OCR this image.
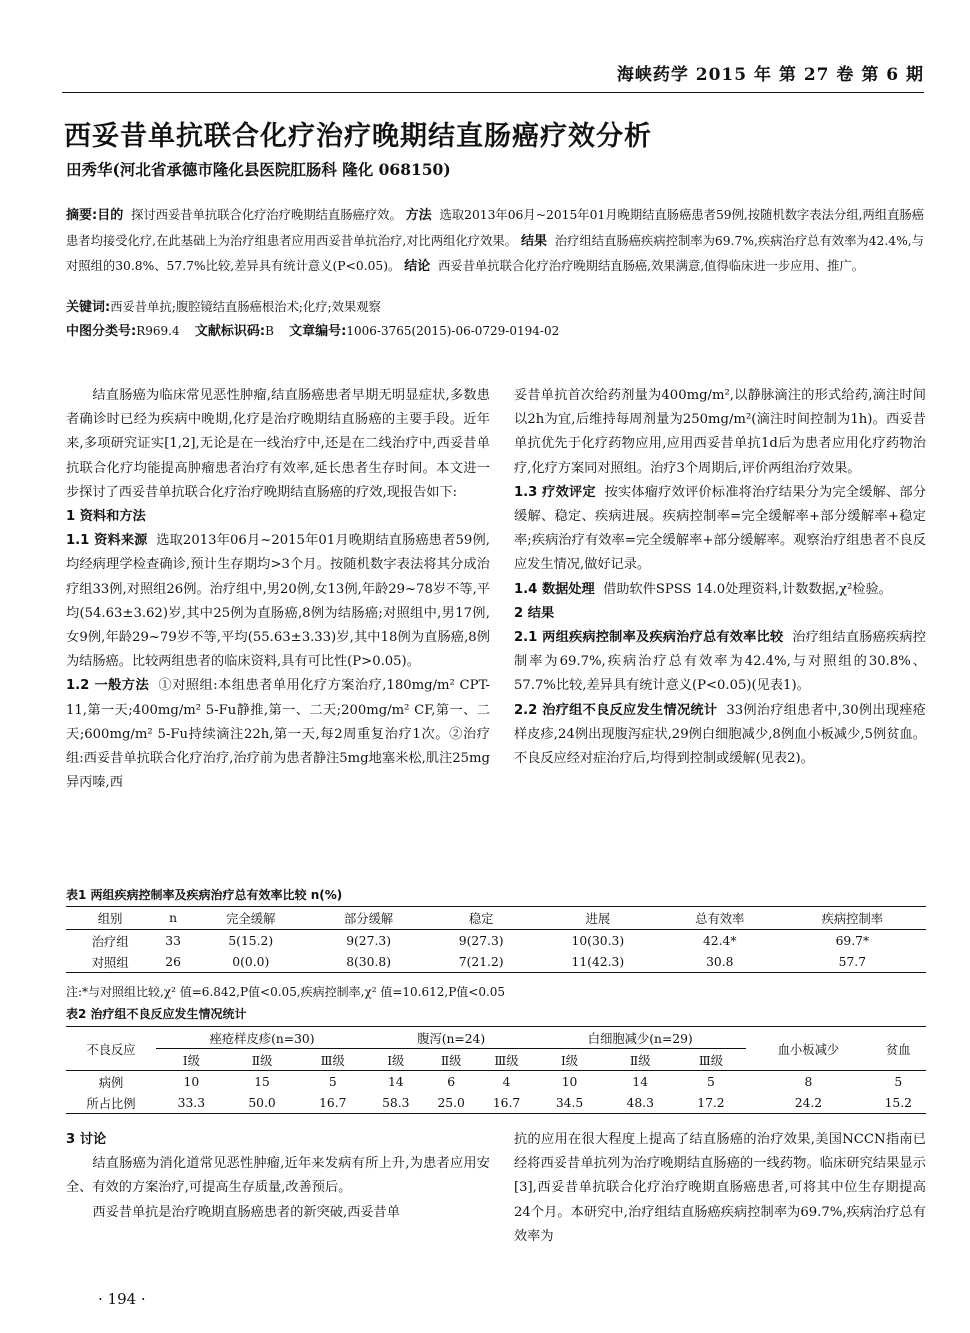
海峡药学 2015 年 第 27 卷 第 6 期
西妥昔单抗联合化疗治疗晚期结直肠癌疗效分析
田秀华(河北省承德市隆化县医院肛肠科 隆化 068150)
摘要:目的 探讨西妥昔单抗联合化疗治疗晚期结直肠癌疗效。 方法 选取2013年06月~2015年01月晚期结直肠癌患者59例,按随机数字表法分组,两组直肠癌患者均接受化疗,在此基础上为治疗组患者应用西妥昔单抗治疗,对比两组化疗效果。 结果 治疗组结直肠癌疾病控制率为69.7%,疾病治疗总有效率为42.4%,与对照组的30.8%、57.7%比较,差异具有统计意义(P<0.05)。 结论 西妥昔单抗联合化疗治疗晚期结直肠癌,效果满意,值得临床进一步应用、推广。
关键词:西妥昔单抗;腹腔镜结直肠癌根治术;化疗;效果观察
中图分类号:R969.4 文献标识码:B 文章编号:1006-3765(2015)-06-0729-0194-02

结直肠癌为临床常见恶性肿瘤,结直肠癌患者早期无明显症状,多数患者确诊时已经为疾病中晚期,化疗是治疗晚期结直肠癌的主要手段。近年来,多项研究证实[1,2],无论是在一线治疗中,还是在二线治疗中,西妥昔单抗联合化疗均能提高肿瘤患者治疗有效率,延长患者生存时间。本文进一步探讨了西妥昔单抗联合化疗治疗晚期结直肠癌的疗效,现报告如下:

1 资料和方法

1.1 资料来源 选取2013年06月~2015年01月晚期结直肠癌患者59例,均经病理学检查确诊,预计生存期均>3个月。按随机数字表法将其分成治疗组33例,对照组26例。治疗组中,男20例,女13例,年龄29~78岁不等,平均(54.63±3.62)岁,其中25例为直肠癌,8例为结肠癌;对照组中,男17例,女9例,年龄29~79岁不等,平均(55.63±3.33)岁,其中18例为直肠癌,8例为结肠癌。比较两组患者的临床资料,具有可比性(P>0.05)。

1.2 一般方法 ①对照组:本组患者单用化疗方案治疗,180mg/m² CPT-11,第一天;400mg/m² 5-Fu静推,第一、二天;200mg/m² CF,第一、二天;600mg/m² 5-Fu持续滴注22h,第一天,每2周重复治疗1次。②治疗组:西妥昔单抗联合化疗治疗,治疗前为患者静注5mg地塞米松,肌注25mg异丙嗪,西

妥昔单抗首次给药剂量为400mg/m²,以静脉滴注的形式给药,滴注时间以2h为宜,后维持每周剂量为250mg/m²(滴注时间控制为1h)。西妥昔单抗优先于化疗药物应用,应用西妥昔单抗1d后为患者应用化疗药物治疗,化疗方案同对照组。治疗3个周期后,评价两组治疗效果。

1.3 疗效评定 按实体瘤疗效评价标准将治疗结果分为完全缓解、部分缓解、稳定、疾病进展。疾病控制率=完全缓解率+部分缓解率+稳定率;疾病治疗有效率=完全缓解率+部分缓解率。观察治疗组患者不良反应发生情况,做好记录。

1.4 数据处理 借助软件SPSS 14.0处理资料,计数数据,χ²检验。

2 结果

2.1 两组疾病控制率及疾病治疗总有效率比较 治疗组结直肠癌疾病控制率为69.7%,疾病治疗总有效率为42.4%,与对照组的30.8%、57.7%比较,差异具有统计意义(P<0.05)(见表1)。

2.2 治疗组不良反应发生情况统计 33例治疗组患者中,30例出现痤疮样皮疹,24例出现腹泻症状,29例白细胞减少,8例血小板减少,5例贫血。不良反应经对症治疗后,均得到控制或缓解(见表2)。

表1 两组疾病控制率及疾病治疗总有效率比较 n(%)
组别	n	完全缓解	部分缓解	稳定	进展	总有效率	疾病控制率
治疗组	33	5(15.2)	9(27.3)	9(27.3)	10(30.3)	42.4*	69.7*
对照组	26	0(0.0)	8(30.8)	7(21.2)	11(42.3)	30.8	57.7
注:*与对照组比较,χ² 值=6.842,P值<0.05,疾病控制率,χ² 值=10.612,P值<0.05
表2 治疗组不良反应发生情况统计
不良反应	痤疮样皮疹(n=30)			腹泻(n=24)			白细胞减少(n=29)			血小板减少	贫血
	Ⅰ级	Ⅱ级	Ⅲ级	Ⅰ级	Ⅱ级	Ⅲ级	Ⅰ级	Ⅱ级	Ⅲ级		
病例	10	15	5	14	6	4	10	14	5	8	5
所占比例	33.3	50.0	16.7	58.3	25.0	16.7	34.5	48.3	17.2	24.2	15.2

3 讨论

结直肠癌为消化道常见恶性肿瘤,近年来发病有所上升,为患者应用安全、有效的方案治疗,可提高生存质量,改善预后。

西妥昔单抗是治疗晚期直肠癌患者的新突破,西妥昔单

抗的应用在很大程度上提高了结直肠癌的治疗效果,美国NCCN指南已经将西妥昔单抗列为治疗晚期结直肠癌的一线药物。临床研究结果显示[3],西妥昔单抗联合化疗治疗晚期直肠癌患者,可将其中位生存期提高24个月。本研究中,治疗组结直肠癌疾病控制率为69.7%,疾病治疗总有效率为

· 194 ·
